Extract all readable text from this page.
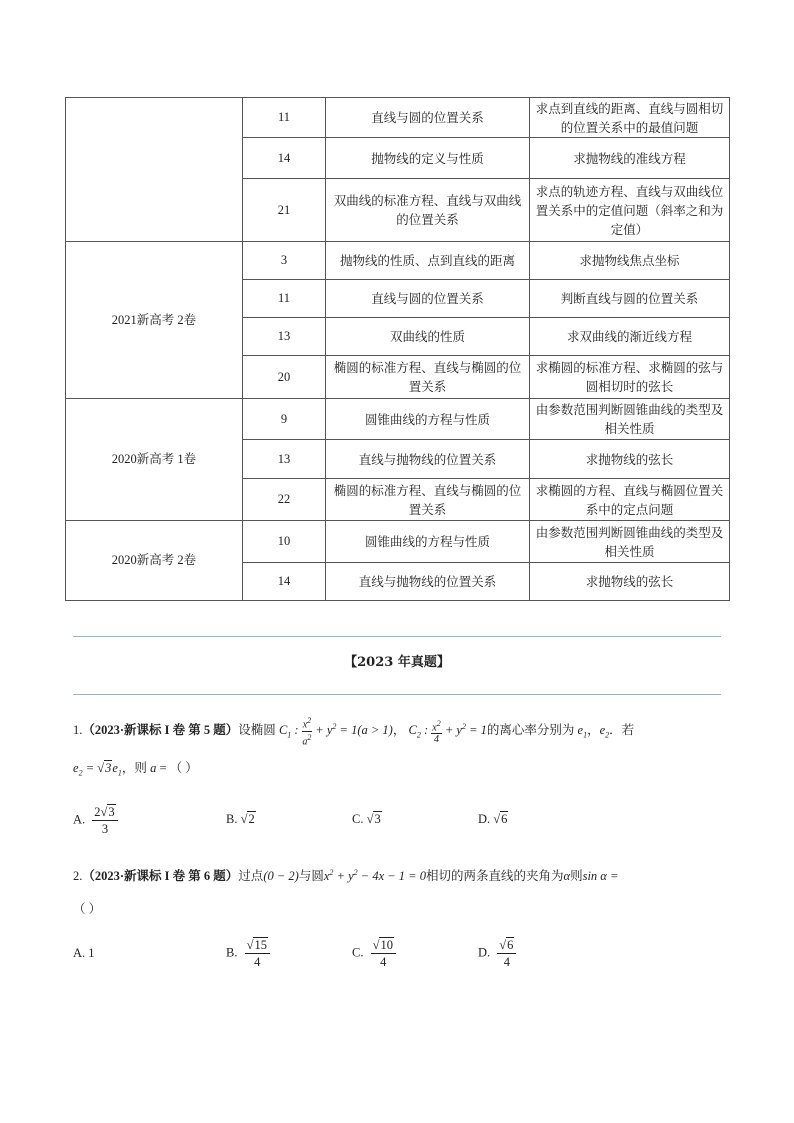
	11	直线与圆的位置关系	求点到直线的距离、直线与圆相切的位置关系中的最值问题
	14	抛物线的定义与性质	求抛物线的准线方程
	21	双曲线的标准方程、直线与双曲线的位置关系	求点的轨迹方程、直线与双曲线位置关系中的定值问题（斜率之和为定值）
2021新高考 2卷	3	抛物线的性质、点到直线的距离	求抛物线焦点坐标
	11	直线与圆的位置关系	判断直线与圆的位置关系
	13	双曲线的性质	求双曲线的渐近线方程
	20	椭圆的标准方程、直线与椭圆的位置关系	求椭圆的标准方程、求椭圆的弦与圆相切时的弦长
2020新高考 1卷	9	圆锥曲线的方程与性质	由参数范围判断圆锥曲线的类型及相关性质
	13	直线与抛物线的位置关系	求抛物线的弦长
	22	椭圆的标准方程、直线与椭圆的位置关系	求椭圆的方程、直线与椭圆位置关系中的定点问题
2020新高考 2卷	10	圆锥曲线的方程与性质	由参数范围判断圆锥曲线的类型及相关性质
	14	直线与抛物线的位置关系	求抛物线的弦长
【2023 年真题】
1.（2023·新课标 I 卷 第 5 题）设椭圆 $C_1$ : $\frac{x^2}{a^2} + y^2 = 1(a > 1)$， $C_2$ : $\frac{x^2}{4} + y^2 = 1$的离心率分别为 $e_1$，$e_2$．若
$e_2 = √3e_1$，则 a = （ ）
A. $\frac{2√3}{3}$	B. √2	C. √3	D. √6
2.（2023·新课标 I 卷 第 6 题）过点(0 − 2)与圆$x^2 + y^2 - 4x - 1 = 0$相切的两条直线的夹角为α则sin α =
（ ）
A. 1	B. $\frac{√15}{4}$	C. $\frac{√10}{4}$	D. $\frac{√6}{4}$
